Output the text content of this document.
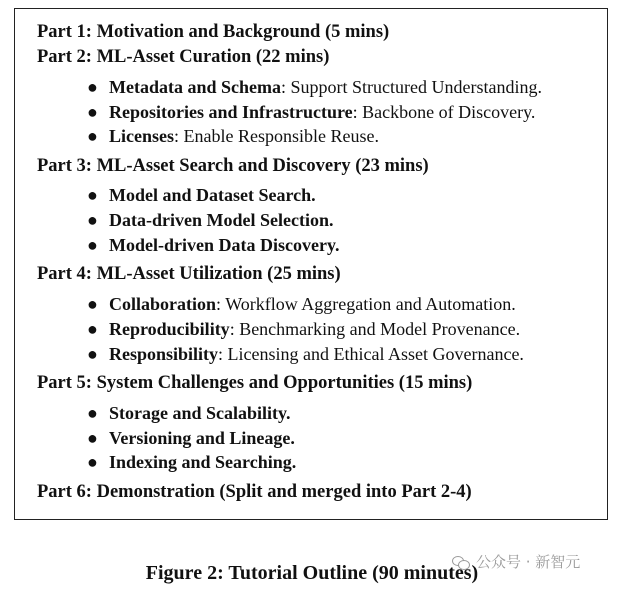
Part 1: Motivation and Background (5 mins)
Part 2: ML-Asset Curation (22 mins)
● Metadata and Schema: Support Structured Understanding.
● Repositories and Infrastructure: Backbone of Discovery.
● Licenses: Enable Responsible Reuse.
Part 3: ML-Asset Search and Discovery (23 mins)
● Model and Dataset Search.
● Data-driven Model Selection.
● Model-driven Data Discovery.
Part 4: ML-Asset Utilization (25 mins)
● Collaboration: Workflow Aggregation and Automation.
● Reproducibility: Benchmarking and Model Provenance.
● Responsibility: Licensing and Ethical Asset Governance.
Part 5: System Challenges and Opportunities (15 mins)
● Storage and Scalability.
● Versioning and Lineage.
● Indexing and Searching.
Part 6: Demonstration (Split and merged into Part 2-4)
公众号 · 新智元
Figure 2: Tutorial Outline (90 minutes)
